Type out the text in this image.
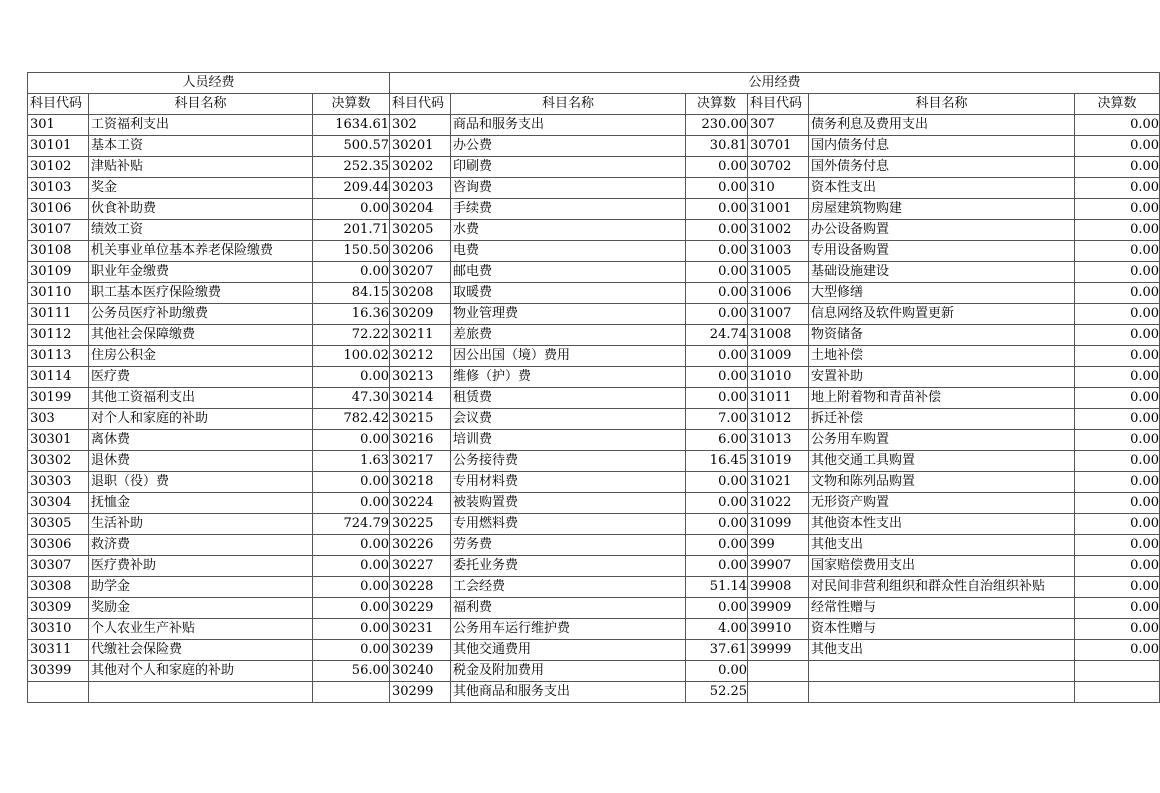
人员经费			公用经费					
科目代码	科目名称	决算数	科目代码	科目名称	决算数	科目代码	科目名称	决算数
301	工资福利支出	1634.61	302	商品和服务支出	230.00	307	债务利息及费用支出	0.00
30101	基本工资	500.57	30201	办公费	30.81	30701	国内债务付息	0.00
30102	津贴补贴	252.35	30202	印刷费	0.00	30702	国外债务付息	0.00
30103	奖金	209.44	30203	咨询费	0.00	310	资本性支出	0.00
30106	伙食补助费	0.00	30204	手续费	0.00	31001	房屋建筑物购建	0.00
30107	绩效工资	201.71	30205	水费	0.00	31002	办公设备购置	0.00
30108	机关事业单位基本养老保险缴费	150.50	30206	电费	0.00	31003	专用设备购置	0.00
30109	职业年金缴费	0.00	30207	邮电费	0.00	31005	基础设施建设	0.00
30110	职工基本医疗保险缴费	84.15	30208	取暖费	0.00	31006	大型修缮	0.00
30111	公务员医疗补助缴费	16.36	30209	物业管理费	0.00	31007	信息网络及软件购置更新	0.00
30112	其他社会保障缴费	72.22	30211	差旅费	24.74	31008	物资储备	0.00
30113	住房公积金	100.02	30212	因公出国（境）费用	0.00	31009	土地补偿	0.00
30114	医疗费	0.00	30213	维修（护）费	0.00	31010	安置补助	0.00
30199	其他工资福利支出	47.30	30214	租赁费	0.00	31011	地上附着物和青苗补偿	0.00
303	对个人和家庭的补助	782.42	30215	会议费	7.00	31012	拆迁补偿	0.00
30301	离休费	0.00	30216	培训费	6.00	31013	公务用车购置	0.00
30302	退休费	1.63	30217	公务接待费	16.45	31019	其他交通工具购置	0.00
30303	退职（役）费	0.00	30218	专用材料费	0.00	31021	文物和陈列品购置	0.00
30304	抚恤金	0.00	30224	被装购置费	0.00	31022	无形资产购置	0.00
30305	生活补助	724.79	30225	专用燃料费	0.00	31099	其他资本性支出	0.00
30306	救济费	0.00	30226	劳务费	0.00	399	其他支出	0.00
30307	医疗费补助	0.00	30227	委托业务费	0.00	39907	国家赔偿费用支出	0.00
30308	助学金	0.00	30228	工会经费	51.14	39908	对民间非营利组织和群众性自治组织补贴	0.00
30309	奖励金	0.00	30229	福利费	0.00	39909	经常性赠与	0.00
30310	个人农业生产补贴	0.00	30231	公务用车运行维护费	4.00	39910	资本性赠与	0.00
30311	代缴社会保险费	0.00	30239	其他交通费用	37.61	39999	其他支出	0.00
30399	其他对个人和家庭的补助	56.00	30240	税金及附加费用	0.00			
			30299	其他商品和服务支出	52.25			
